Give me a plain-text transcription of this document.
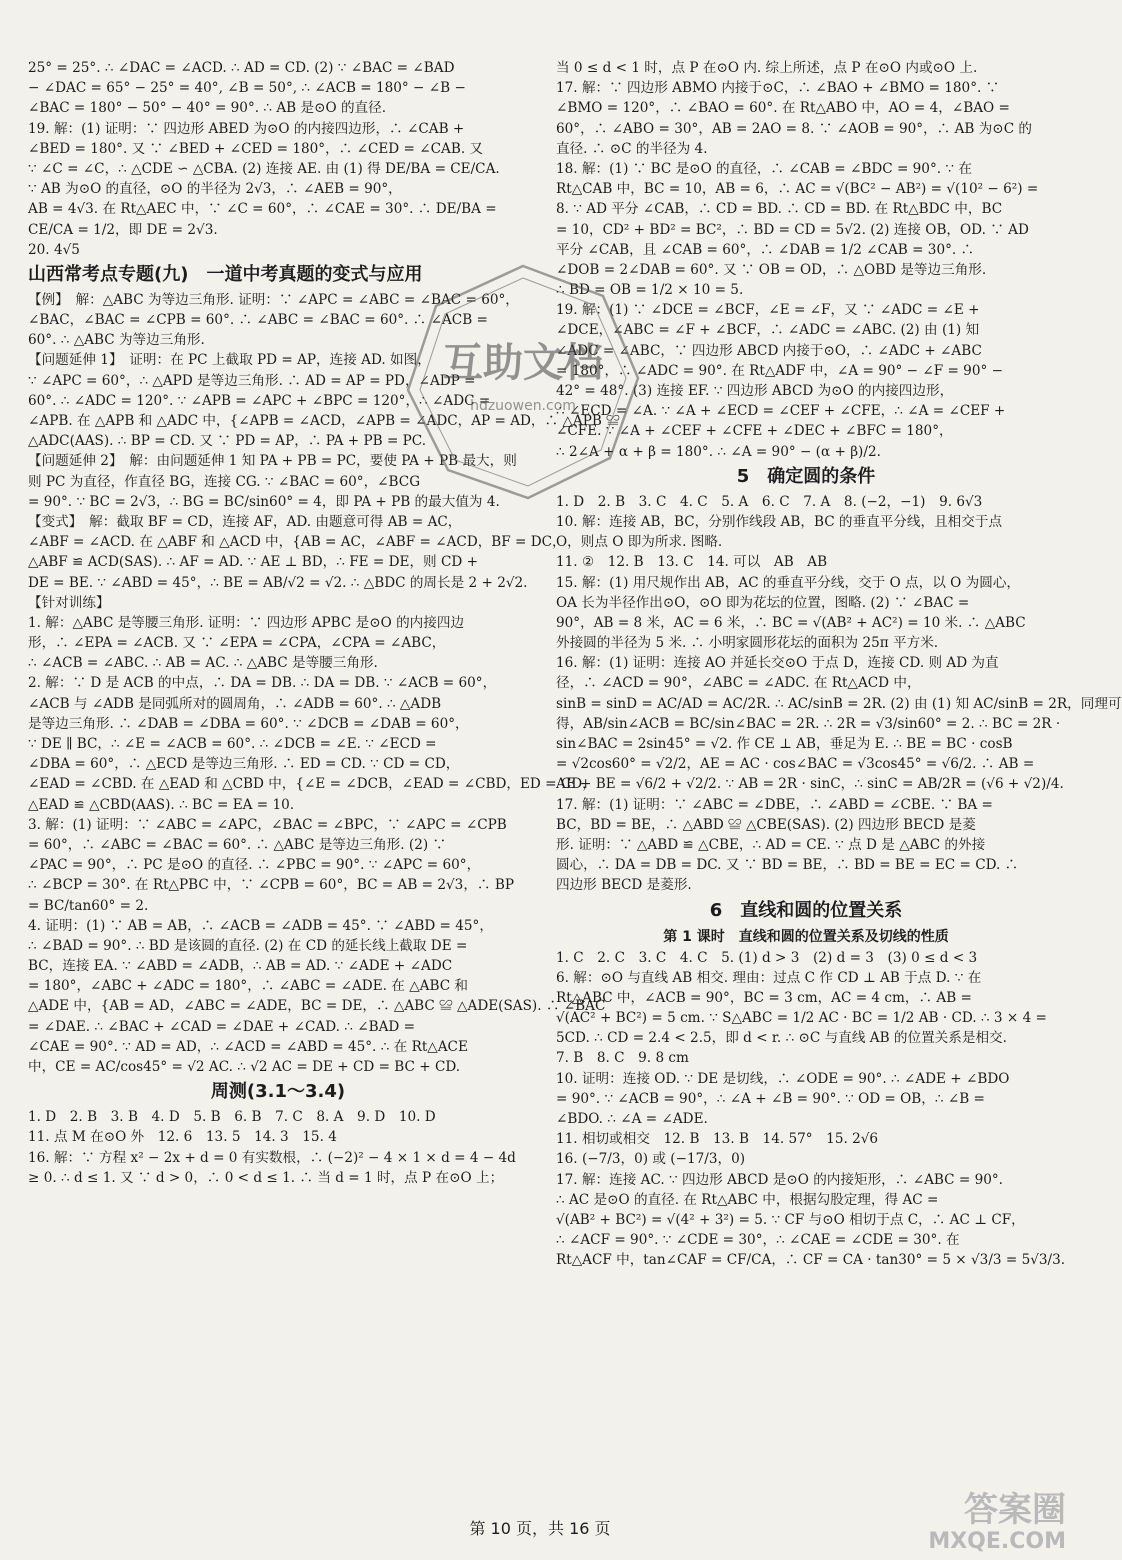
25° = 25°. ∴ ∠DAC = ∠ACD. ∴ AD = CD. (2) ∵ ∠BAC = ∠BAD
− ∠DAC = 65° − 25° = 40°, ∠B = 50°, ∴ ∠ACB = 180° − ∠B −
∠BAC = 180° − 50° − 40° = 90°. ∴ AB 是⊙O 的直径.
19. 解：(1) 证明：∵ 四边形 ABED 为⊙O 的内接四边形，∴ ∠CAB +
∠BED = 180°. 又 ∵ ∠BED + ∠CED = 180°，∴ ∠CED = ∠CAB. 又
∵ ∠C = ∠C，∴ △CDE ∽ △CBA. (2) 连接 AE. 由 (1) 得 DE/BA = CE/CA.
∵ AB 为⊙O 的直径，⊙O 的半径为 2√3，∴ ∠AEB = 90°，
AB = 4√3. 在 Rt△AEC 中，∵ ∠C = 60°，∴ ∠CAE = 30°. ∴ DE/BA =
CE/CA = 1/2，即 DE = 2√3.
20. 4√5
山西常考点专题(九)　一道中考真题的变式与应用
【例】　解：△ABC 为等边三角形. 证明：∵ ∠APC = ∠ABC = ∠BAC = 60°，
∠BAC，∠BAC = ∠CPB = 60°. ∴ ∠ABC = ∠BAC = 60°. ∴ ∠ACB =
60°. ∴ △ABC 为等边三角形.
【问题延伸 1】　证明：在 PC 上截取 PD = AP，连接 AD. 如图，
∵ ∠APC = 60°，∴ △APD 是等边三角形. ∴ AD = AP = PD，∠ADP =
60°. ∴ ∠ADC = 120°. ∵ ∠APB = ∠APC + ∠BPC = 120°，∴ ∠ADC =
∠APB. 在 △APB 和 △ADC 中，{∠APB = ∠ACD，∠APB = ∠ADC，AP = AD，∴ △APB ≌
△ADC(AAS). ∴ BP = CD. 又 ∵ PD = AP，∴ PA + PB = PC.
【问题延伸 2】　解：由问题延伸 1 知 PA + PB = PC，要使 PA + PB 最大，则
则 PC 为直径，作直径 BG，连接 CG. ∵ ∠BAC = 60°，∠BCG
= 90°. ∵ BC = 2√3，∴ BG = BC/sin60° = 4，即 PA + PB 的最大值为 4.
【变式】　解：截取 BF = CD，连接 AF，AD. 由题意可得 AB = AC，
∠ABF = ∠ACD. 在 △ABF 和 △ACD 中，{AB = AC，∠ABF = ∠ACD，BF = DC，
△ABF ≌ ACD(SAS). ∴ AF = AD. ∵ AE ⊥ BD，∴ FE = DE，则 CD +
DE = BE. ∵ ∠ABD = 45°，∴ BE = AB/√2 = √2. ∴ △BDC 的周长是 2 + 2√2.
【针对训练】
1. 解：△ABC 是等腰三角形. 证明：∵ 四边形 APBC 是⊙O 的内接四边
形，∴ ∠EPA = ∠ACB. 又 ∵ ∠EPA = ∠CPA，∠CPA = ∠ABC，
∴ ∠ACB = ∠ABC. ∴ AB = AC. ∴ △ABC 是等腰三角形.
2. 解：∵ D 是 ACB 的中点，∴ DA = DB. ∴ DA = DB. ∵ ∠ACB = 60°，
∠ACB 与 ∠ADB 是同弧所对的圆周角，∴ ∠ADB = 60°. ∴ △ADB
是等边三角形. ∴ ∠DAB = ∠DBA = 60°. ∵ ∠DCB = ∠DAB = 60°，
∵ DE ∥ BC，∴ ∠E = ∠ACB = 60°. ∴ ∠DCB = ∠E. ∵ ∠ECD =
∠DBA = 60°，∴ △ECD 是等边三角形. ∴ ED = CD. ∵ CD = CD，
∠EAD = ∠CBD. 在 △EAD 和 △CBD 中，{∠E = ∠DCB，∠EAD = ∠CBD，ED = CD，
△EAD ≌ △CBD(AAS). ∴ BC = EA = 10.
3. 解：(1) 证明：∵ ∠ABC = ∠APC，∠BAC = ∠BPC，∵ ∠APC = ∠CPB
= 60°，∴ ∠ABC = ∠BAC = 60°. ∴ △ABC 是等边三角形. (2) ∵
∠PAC = 90°，∴ PC 是⊙O 的直径. ∴ ∠PBC = 90°. ∵ ∠APC = 60°，
∴ ∠BCP = 30°. 在 Rt△PBC 中，∵ ∠CPB = 60°，BC = AB = 2√3，∴ BP
= BC/tan60° = 2.
4. 证明：(1) ∵ AB = AB，∴ ∠ACB = ∠ADB = 45°. ∵ ∠ABD = 45°，
∴ ∠BAD = 90°. ∴ BD 是该圆的直径. (2) 在 CD 的延长线上截取 DE =
BC，连接 EA. ∵ ∠ABD = ∠ADB，∴ AB = AD. ∵ ∠ADE + ∠ADC
= 180°，∠ABC + ∠ADC = 180°，∴ ∠ABC = ∠ADE. 在 △ABC 和
△ADE 中，{AB = AD，∠ABC = ∠ADE，BC = DE，∴ △ABC ≌ △ADE(SAS). ∴ ∠BAC
= ∠DAE. ∴ ∠BAC + ∠CAD = ∠DAE + ∠CAD. ∴ ∠BAD =
∠CAE = 90°. ∵ AD = AD，∴ ∠ACD = ∠ABD = 45°. ∴ 在 Rt△ACE
中，CE = AC/cos45° = √2 AC. ∴ √2 AC = DE + CD = BC + CD.
周测(3.1～3.4)
1. D　2. B　3. B　4. D　5. B　6. B　7. C　8. A　9. D　10. D
11. 点 M 在⊙O 外　12. 6　13. 5　14. 3　15. 4
16. 解：∵ 方程 x² − 2x + d = 0 有实数根，∴ (−2)² − 4 × 1 × d = 4 − 4d
≥ 0. ∴ d ≤ 1. 又 ∵ d > 0，∴ 0 < d ≤ 1. ∴ 当 d = 1 时，点 P 在⊙O 上；
当 0 ≤ d < 1 时，点 P 在⊙O 内. 综上所述，点 P 在⊙O 内或⊙O 上.
17. 解：∵ 四边形 ABMO 内接于⊙C，∴ ∠BAO + ∠BMO = 180°. ∵
∠BMO = 120°，∴ ∠BAO = 60°. 在 Rt△ABO 中，AO = 4，∠BAO =
60°，∴ ∠ABO = 30°，AB = 2AO = 8. ∵ ∠AOB = 90°，∴ AB 为⊙C 的
直径. ∴ ⊙C 的半径为 4.
18. 解：(1) ∵ BC 是⊙O 的直径，∴ ∠CAB = ∠BDC = 90°. ∵ 在
Rt△CAB 中，BC = 10，AB = 6，∴ AC = √(BC² − AB²) = √(10² − 6²) =
8. ∵ AD 平分 ∠CAB，∴ CD = BD. ∴ CD = BD. 在 Rt△BDC 中，BC
= 10，CD² + BD² = BC²，∴ BD = CD = 5√2. (2) 连接 OB，OD. ∵ AD
平分 ∠CAB，且 ∠CAB = 60°，∴ ∠DAB = 1/2 ∠CAB = 30°. ∴
∠DOB = 2∠DAB = 60°. 又 ∵ OB = OD，∴ △OBD 是等边三角形.
∴ BD = OB = 1/2 × 10 = 5.
19. 解：(1) ∵ ∠DCE = ∠BCF，∠E = ∠F，又 ∵ ∠ADC = ∠E +
∠DCE，∠ABC = ∠F + ∠BCF，∴ ∠ADC = ∠ABC. (2) 由 (1) 知
∠ADC = ∠ABC，∵ 四边形 ABCD 内接于⊙O，∴ ∠ADC + ∠ABC
= 180°，∴ ∠ADC = 90°. 在 Rt△ADF 中，∠A = 90° − ∠F = 90° −
42° = 48°. (3) 连接 EF. ∵ 四边形 ABCD 为⊙O 的内接四边形，
∴ ∠ECD = ∠A. ∵ ∠A + ∠ECD = ∠CEF + ∠CFE，∴ ∠A = ∠CEF +
∠CFE. ∵ ∠A + ∠CEF + ∠CFE + ∠DEC + ∠BFC = 180°，
∴ 2∠A + α + β = 180°. ∴ ∠A = 90° − (α + β)/2.
5　确定圆的条件
1. D　2. B　3. C　4. C　5. A　6. C　7. A　8. (−2，−1)　9. 6√3
10. 解：连接 AB，BC，分别作线段 AB，BC 的垂直平分线，且相交于点
O，则点 O 即为所求. 图略.
11. ②　12. B　13. C　14. 可以　AB　AB
15. 解：(1) 用尺规作出 AB，AC 的垂直平分线，交于 O 点，以 O 为圆心，
OA 长为半径作出⊙O，⊙O 即为花坛的位置，图略. (2) ∵ ∠BAC =
90°，AB = 8 米，AC = 6 米，∴ BC = √(AB² + AC²) = 10 米. ∴ △ABC
外接圆的半径为 5 米. ∴ 小明家圆形花坛的面积为 25π 平方米.
16. 解：(1) 证明：连接 AO 并延长交⊙O 于点 D，连接 CD. 则 AD 为直
径，∴ ∠ACD = 90°，∠ABC = ∠ADC. 在 Rt△ACD 中，
sinB = sinD = AC/AD = AC/2R. ∴ AC/sinB = 2R. (2) 由 (1) 知 AC/sinB = 2R，同理可
得，AB/sin∠ACB = BC/sin∠BAC = 2R. ∴ 2R = √3/sin60° = 2. ∴ BC = 2R ·
sin∠BAC = 2sin45° = √2. 作 CE ⊥ AB，垂足为 E. ∴ BE = BC · cosB
= √2cos60° = √2/2，AE = AC · cos∠BAC = √3cos45° = √6/2. ∴ AB =
AE + BE = √6/2 + √2/2. ∵ AB = 2R · sinC，∴ sinC = AB/2R = (√6 + √2)/4.
17. 解：(1) 证明：∵ ∠ABC = ∠DBE，∴ ∠ABD = ∠CBE. ∵ BA =
BC，BD = BE，∴ △ABD ≌ △CBE(SAS). (2) 四边形 BECD 是菱
形. 证明：∵ △ABD ≌ △CBE，∴ AD = CE. ∵ 点 D 是 △ABC 的外接
圆心，∴ DA = DB = DC. 又 ∵ BD = BE，∴ BD = BE = EC = CD. ∴
四边形 BECD 是菱形.
6　直线和圆的位置关系
第 1 课时　直线和圆的位置关系及切线的性质
1. C　2. C　3. C　4. C　5. (1) d > 3　(2) d = 3　(3) 0 ≤ d < 3
6. 解：⊙O 与直线 AB 相交. 理由：过点 C 作 CD ⊥ AB 于点 D. ∵ 在
Rt△ABC 中，∠ACB = 90°，BC = 3 cm，AC = 4 cm，∴ AB =
√(AC² + BC²) = 5 cm. ∵ S△ABC = 1/2 AC · BC = 1/2 AB · CD. ∴ 3 × 4 =
5CD. ∴ CD = 2.4 < 2.5，即 d < r. ∴ ⊙C 与直线 AB 的位置关系是相交.
7. B　8. C　9. 8 cm
10. 证明：连接 OD. ∵ DE 是切线，∴ ∠ODE = 90°. ∴ ∠ADE + ∠BDO
= 90°. ∵ ∠ACB = 90°，∴ ∠A + ∠B = 90°. ∵ OD = OB，∴ ∠B =
∠BDO. ∴ ∠A = ∠ADE.
11. 相切或相交　12. B　13. B　14. 57°　15. 2√6
16. (−7/3，0) 或 (−17/3，0)
17. 解：连接 AC. ∵ 四边形 ABCD 是⊙O 的内接矩形，∴ ∠ABC = 90°.
∴ AC 是⊙O 的直径. 在 Rt△ABC 中，根据勾股定理，得 AC =
√(AB² + BC²) = √(4² + 3²) = 5. ∵ CF 与⊙O 相切于点 C，∴ AC ⊥ CF，
∴ ∠ACF = 90°. ∵ ∠CDE = 30°，∴ ∠CAE = ∠CDE = 30°. 在
Rt△ACF 中，tan∠CAF = CF/CA，∴ CF = CA · tan30° = 5 × √3/3 = 5√3/3.
互助文档
hdzuowen.com
第 10 页，共 16 页	答案圈
MXQE.COM
